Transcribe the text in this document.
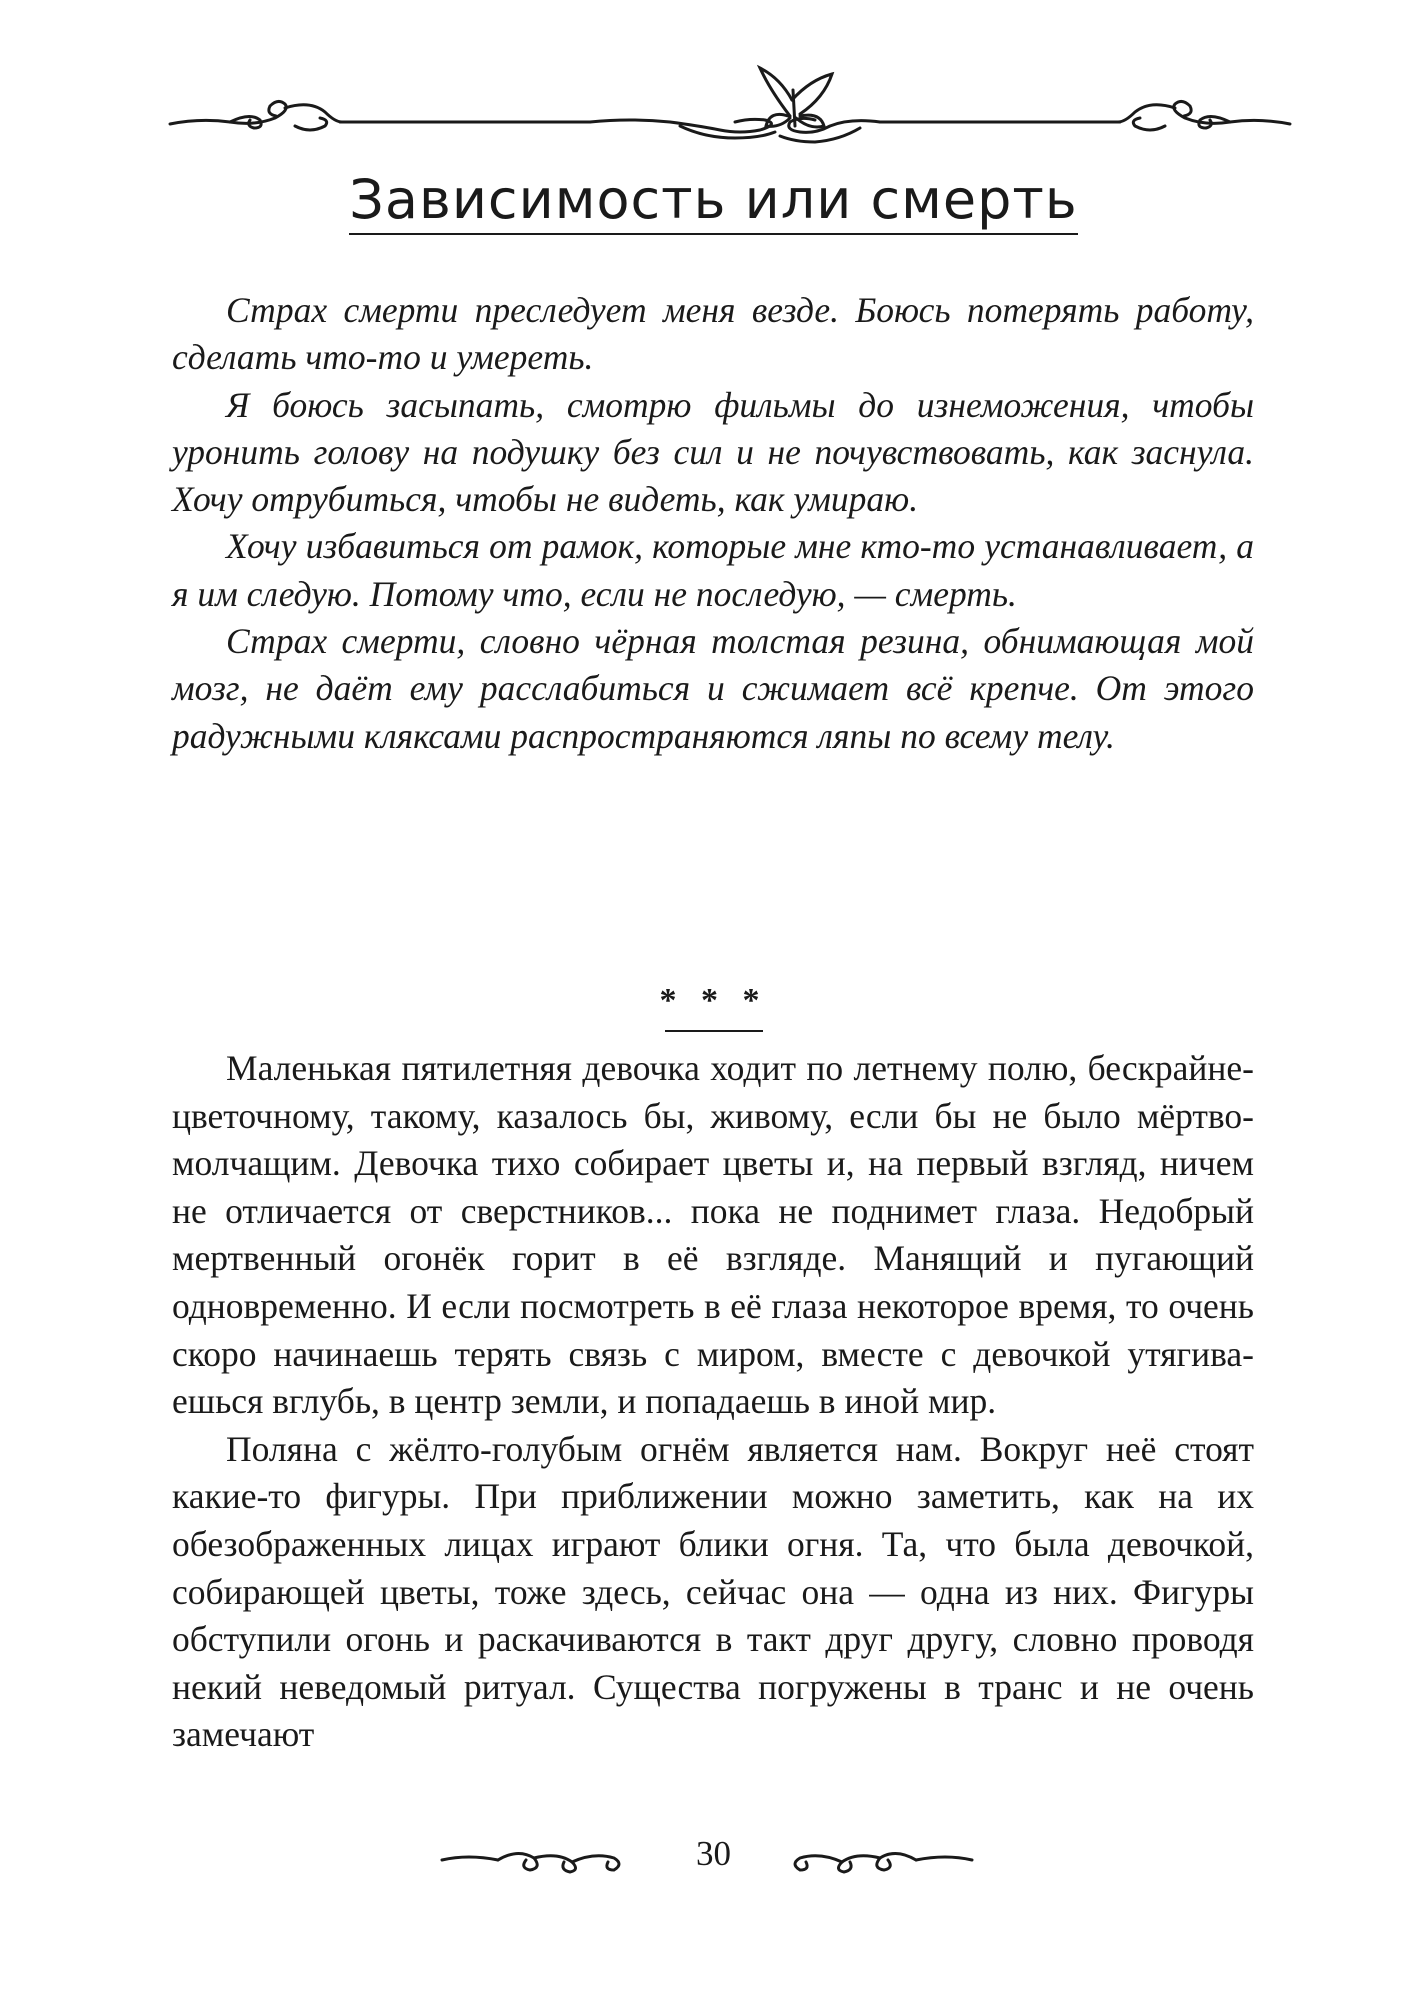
Зависимость или смерть

Страх смерти преследует меня везде. Боюсь потерять работу, сделать что-то и умереть.

Я боюсь засыпать, смотрю фильмы до изнеможения, чтобы уронить голову на подушку без сил и не почувствовать, как заснула. Хочу отрубиться, чтобы не видеть, как умираю.

Хочу избавиться от рамок, которые мне кто-то устанавливает, а я им следую. Потому что, если не последую, — смерть.

Страх смерти, словно чёрная толстая резина, обнимающая мой мозг, не даёт ему расслабиться и сжимает всё крепче. От этого радужными кляксами распространяются ляпы по всему телу.

* * *

Маленькая пятилетняя девочка ходит по летнему полю, бескрайне-цветочному, такому, казалось бы, живому, если бы не было мёртво-молчащим. Девочка тихо собирает цветы и, на первый взгляд, ничем не отличается от сверстников... пока не поднимет глаза. Недобрый мертвенный огонёк горит в её взгляде. Манящий и пугающий одновременно. И если посмотреть в её глаза некоторое время, то очень скоро начинаешь терять связь с миром, вместе с девочкой утягиваешься вглубь, в центр земли, и попадаешь в иной мир.

Поляна с жёлто-голубым огнём является нам. Вокруг неё стоят какие-то фигуры. При приближении можно заметить, как на их обезображенных лицах играют блики огня. Та, что была девочкой, собирающей цветы, тоже здесь, сейчас она — одна из них. Фигуры обступили огонь и раскачиваются в такт друг другу, словно проводя некий неведомый ритуал. Существа погружены в транс и не очень замечают

30
